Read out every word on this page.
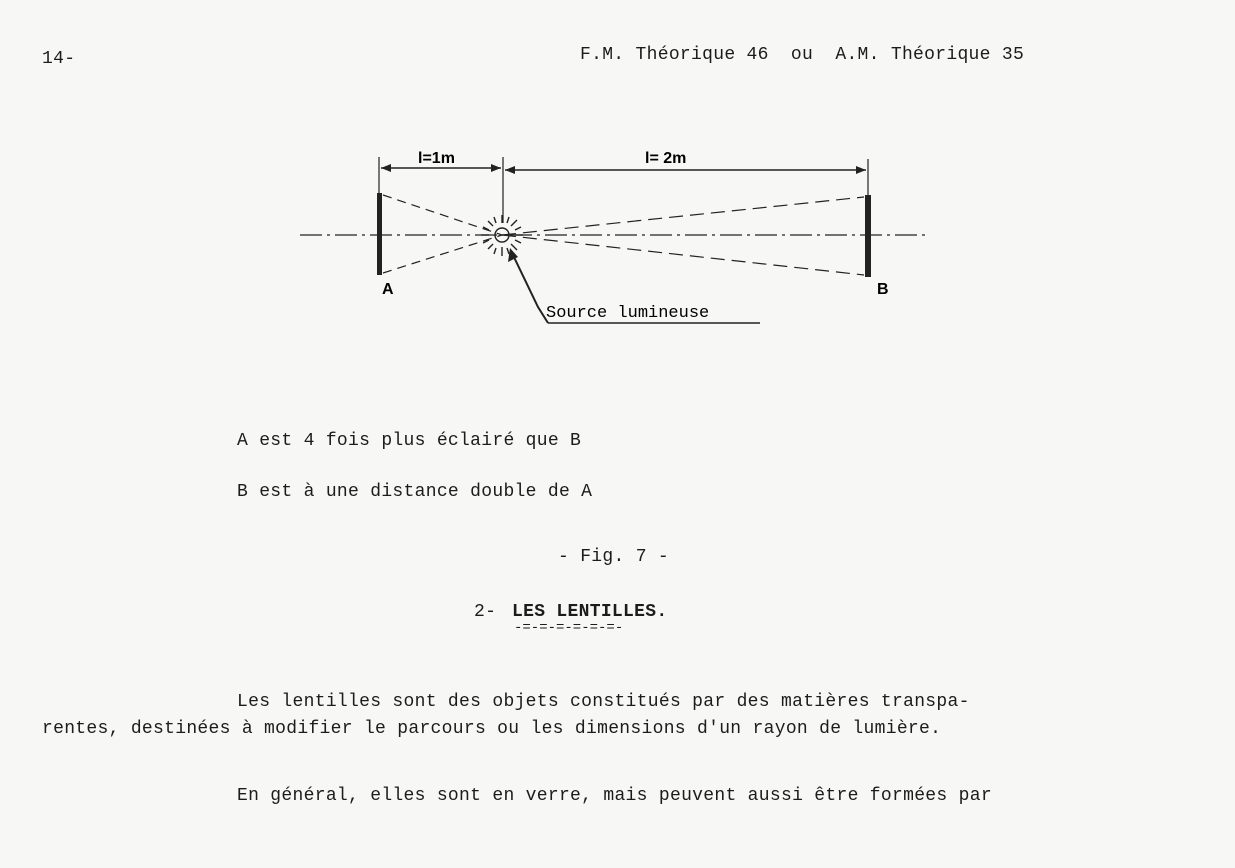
14-	F.M. Théorique 46  ou  A.M. Théorique 35
l=1m	l= 2m
Source lumineuse
A	B
A est 4 fois plus éclairé que B
B est à une distance double de A
- Fig. 7 -
2- LES LENTILLES.
-=-=-=-=-=-=-
Les lentilles sont des objets constitués par des matières transpa-
rentes, destinées à modifier le parcours ou les dimensions d'un rayon de lumière.
En général, elles sont en verre, mais peuvent aussi être formées par
